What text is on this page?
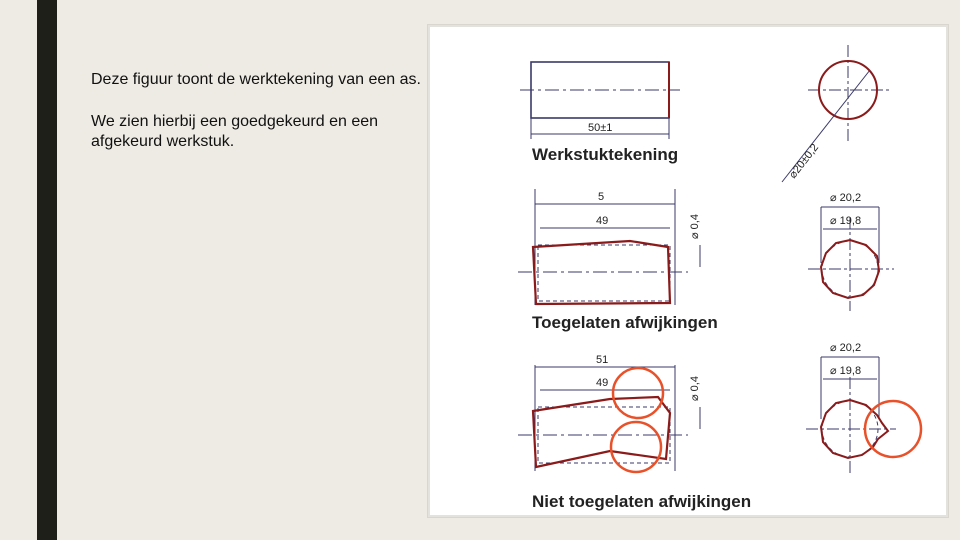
Deze figuur toont de werktekening van een as.

We zien hierbij een goedgekeurd en een afgekeurd werkstuk.

50±1
Werkstuktekening	⌀20±0,2
5
49	⌀ 0,4
Toegelaten afwijkingen
⌀ 20,2
⌀ 19,8
51
49	⌀ 0,4
Niet toegelaten afwijkingen
⌀ 20,2
⌀ 19,8
